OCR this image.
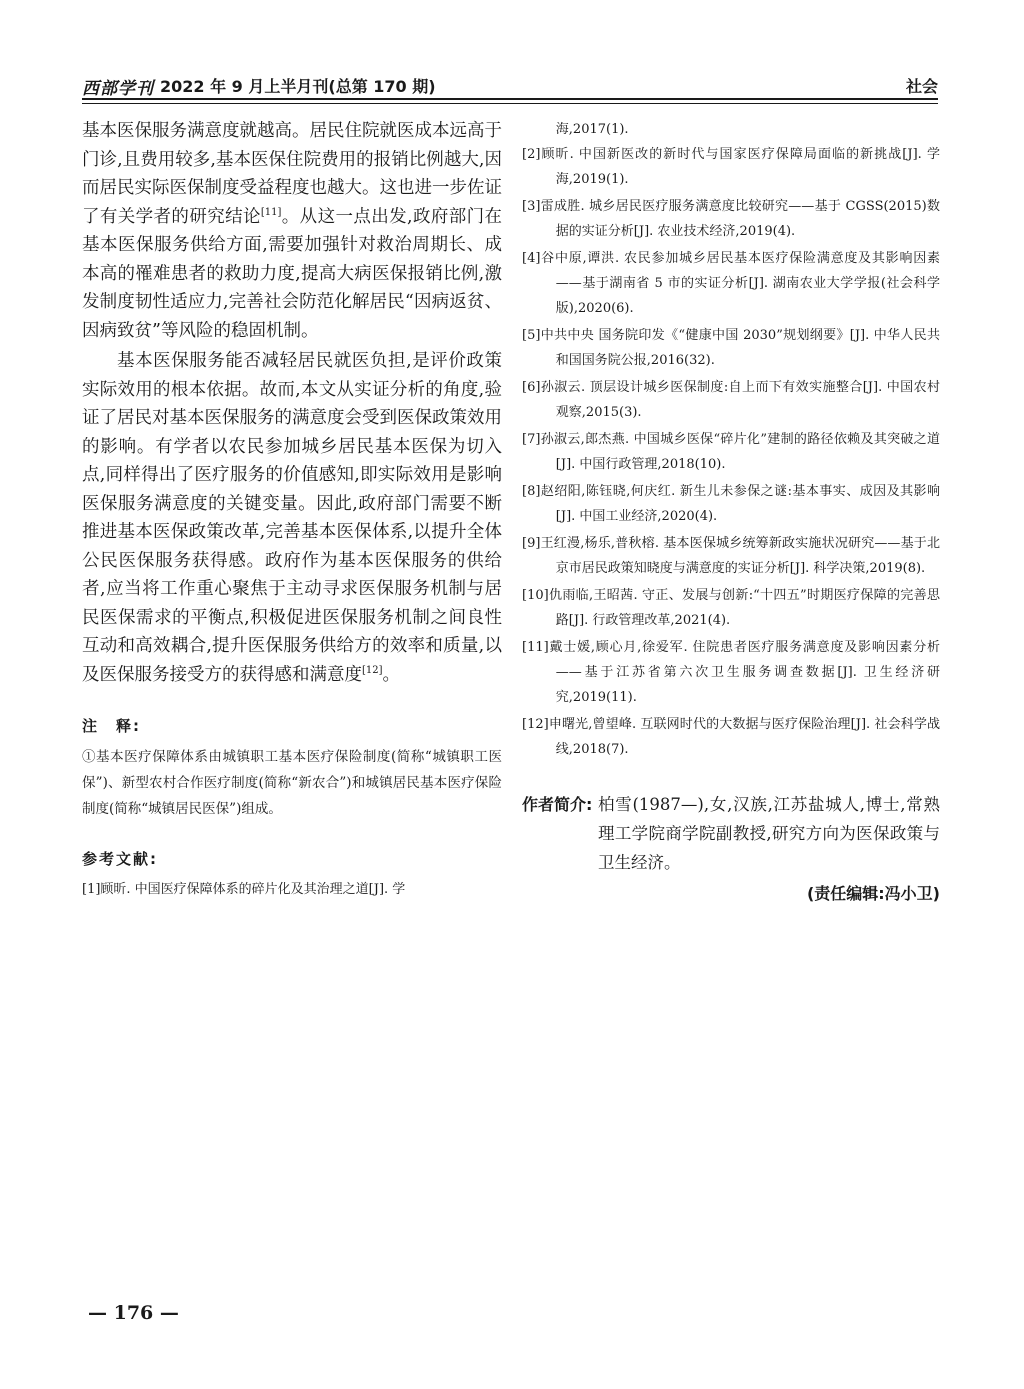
西部学刊 2022 年 9 月上半月刊(总第 170 期)	社会

基本医保服务满意度就越高。居民住院就医成本远高于门诊,且费用较多,基本医保住院费用的报销比例越大,因而居民实际医保制度受益程度也越大。这也进一步佐证了有关学者的研究结论[11]。从这一点出发,政府部门在基本医保服务供给方面,需要加强针对救治周期长、成本高的罹难患者的救助力度,提高大病医保报销比例,激发制度韧性适应力,完善社会防范化解居民“因病返贫、因病致贫”等风险的稳固机制。

基本医保服务能否减轻居民就医负担,是评价政策实际效用的根本依据。故而,本文从实证分析的角度,验证了居民对基本医保服务的满意度会受到医保政策效用的影响。有学者以农民参加城乡居民基本医保为切入点,同样得出了医疗服务的价值感知,即实际效用是影响医保服务满意度的关键变量。因此,政府部门需要不断推进基本医保政策改革,完善基本医保体系,以提升全体公民医保服务获得感。政府作为基本医保服务的供给者,应当将工作重心聚焦于主动寻求医保服务机制与居民医保需求的平衡点,积极促进医保服务机制之间良性互动和高效耦合,提升医保服务供给方的效率和质量,以及医保服务接受方的获得感和满意度[12]。

注　释:

①基本医疗保障体系由城镇职工基本医疗保险制度(简称“城镇职工医保”)、新型农村合作医疗制度(简称“新农合”)和城镇居民基本医疗保险制度(简称“城镇居民医保”)组成。

参考文献:

[1]顾昕. 中国医疗保障体系的碎片化及其治理之道[J]. 学

海,2017(1).

[2]顾昕. 中国新医改的新时代与国家医疗保障局面临的新挑战[J]. 学海,2019(1).

[3]雷成胜. 城乡居民医疗服务满意度比较研究——基于 CGSS(2015)数据的实证分析[J]. 农业技术经济,2019(4).

[4]谷中原,谭洪. 农民参加城乡居民基本医疗保险满意度及其影响因素——基于湖南省 5 市的实证分析[J]. 湖南农业大学学报(社会科学版),2020(6).

[5]中共中央 国务院印发《“健康中国 2030”规划纲要》[J]. 中华人民共和国国务院公报,2016(32).

[6]孙淑云. 顶层设计城乡医保制度:自上而下有效实施整合[J]. 中国农村观察,2015(3).

[7]孙淑云,郎杰燕. 中国城乡医保“碎片化”建制的路径依赖及其突破之道[J]. 中国行政管理,2018(10).

[8]赵绍阳,陈钰晓,何庆红. 新生儿未参保之谜:基本事实、成因及其影响[J]. 中国工业经济,2020(4).

[9]王红漫,杨乐,普秋榕. 基本医保城乡统筹新政实施状况研究——基于北京市居民政策知晓度与满意度的实证分析[J]. 科学决策,2019(8).

[10]仇雨临,王昭茜. 守正、发展与创新:“十四五”时期医疗保障的完善思路[J]. 行政管理改革,2021(4).

[11]戴士媛,顾心月,徐爱军. 住院患者医疗服务满意度及影响因素分析——基于江苏省第六次卫生服务调查数据[J]. 卫生经济研究,2019(11).

[12]申曙光,曾望峰. 互联网时代的大数据与医疗保险治理[J]. 社会科学战线,2018(7).

作者简介: 柏雪(1987—),女,汉族,江苏盐城人,博士,常熟理工学院商学院副教授,研究方向为医保政策与卫生经济。

(责任编辑:冯小卫)
— 176 —
